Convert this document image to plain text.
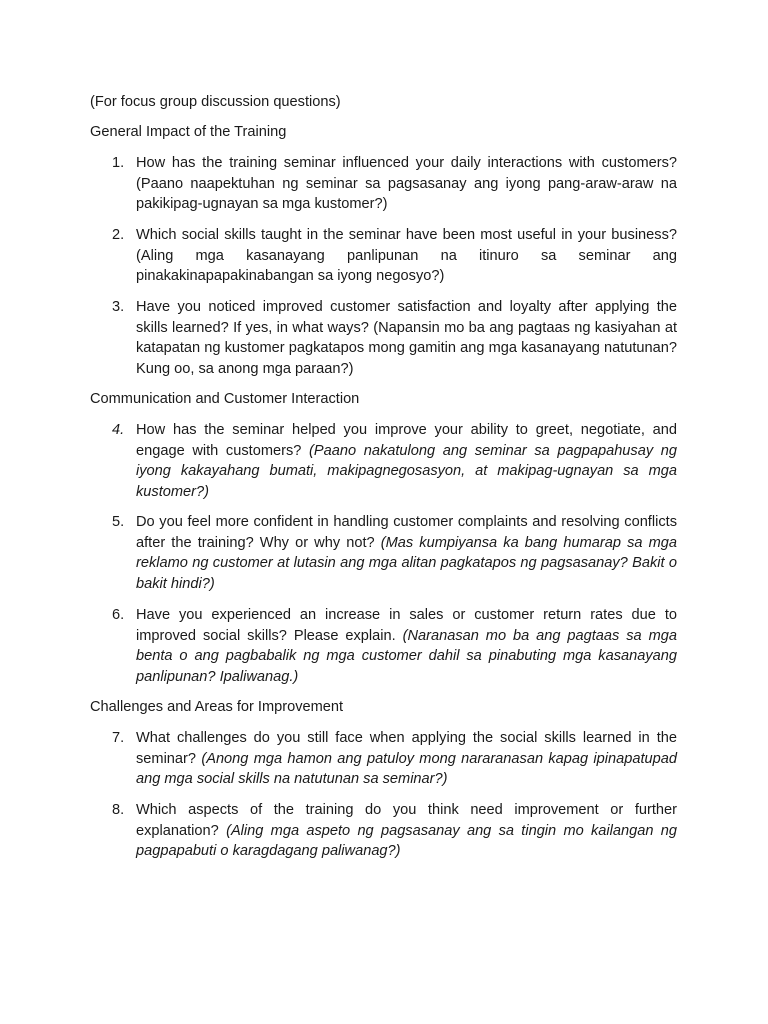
(For focus group discussion questions)
General Impact of the Training
1. How has the training seminar influenced your daily interactions with customers? (Paano naapektuhan ng seminar sa pagsasanay ang iyong pang-araw-araw na pakikipag-ugnayan sa mga kustomer?)
2. Which social skills taught in the seminar have been most useful in your business? (Aling mga kasanayang panlipunan na itinuro sa seminar ang pinakakinapapakinabangan sa iyong negosyo?)
3. Have you noticed improved customer satisfaction and loyalty after applying the skills learned? If yes, in what ways? (Napansin mo ba ang pagtaas ng kasiyahan at katapatan ng kustomer pagkatapos mong gamitin ang mga kasanayang natutunan? Kung oo, sa anong mga paraan?)
Communication and Customer Interaction
4. How has the seminar helped you improve your ability to greet, negotiate, and engage with customers? (Paano nakatulong ang seminar sa pagpapahusay ng iyong kakayahang bumati, makipagnegosasyon, at makipag-ugnayan sa mga kustomer?)
5. Do you feel more confident in handling customer complaints and resolving conflicts after the training? Why or why not? (Mas kumpiyansa ka bang humarap sa mga reklamo ng customer at lutasin ang mga alitan pagkatapos ng pagsasanay? Bakit o bakit hindi?)
6. Have you experienced an increase in sales or customer return rates due to improved social skills? Please explain. (Naranasan mo ba ang pagtaas sa mga benta o ang pagbabalik ng mga customer dahil sa pinabuting mga kasanayang panlipunan? Ipaliwanag.)
Challenges and Areas for Improvement
7. What challenges do you still face when applying the social skills learned in the seminar? (Anong mga hamon ang patuloy mong nararanasan kapag ipinapatupad ang mga social skills na natutunan sa seminar?)
8. Which aspects of the training do you think need improvement or further explanation? (Aling mga aspeto ng pagsasanay ang sa tingin mo kailangan ng pagpapabuti o karagdagang paliwanag?)
